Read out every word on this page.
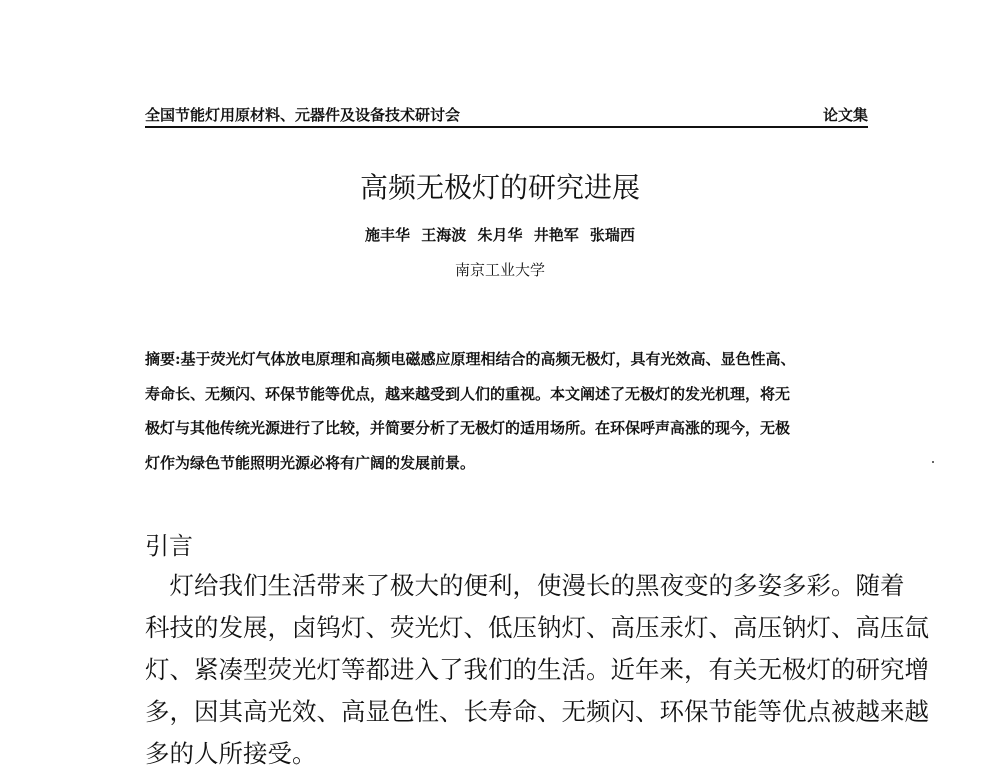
全国节能灯用原材料、元器件及设备技术研讨会	论文集
高频无极灯的研究进展
施丰华 王海波 朱月华 井艳军 张瑞西
南京工业大学
摘要:基于荧光灯气体放电原理和高频电磁感应原理相结合的高频无极灯，具有光效高、显色性高、
寿命长、无频闪、环保节能等优点，越来越受到人们的重视。本文阐述了无极灯的发光机理，将无
极灯与其他传统光源进行了比较，并简要分析了无极灯的适用场所。在环保呼声高涨的现今，无极
灯作为绿色节能照明光源必将有广阔的发展前景。
引言
　灯给我们生活带来了极大的便利，使漫长的黑夜变的多姿多彩。随着
科技的发展，卤钨灯、荧光灯、低压钠灯、高压汞灯、高压钠灯、高压氙
灯、紧凑型荧光灯等都进入了我们的生活。近年来，有关无极灯的研究增
多，因其高光效、高显色性、长寿命、无频闪、环保节能等优点被越来越
多的人所接受。
